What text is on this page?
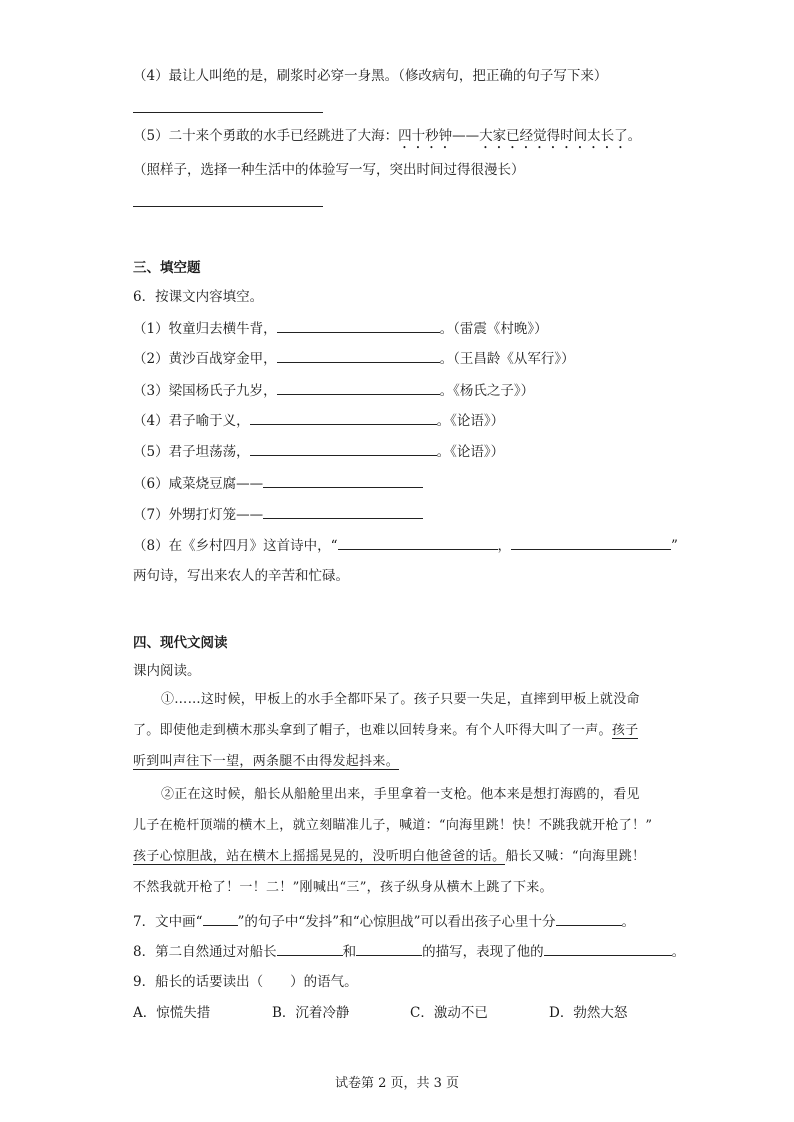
（4）最让人叫绝的是，刷浆时必穿一身黑。（修改病句，把正确的句子写下来）
（5）二十来个勇敢的水手已经跳进了大海：四十秒钟——大家已经觉得时间太长了。
（照样子，选择一种生活中的体验写一写，突出时间过得很漫长）
三、填空题
6．按课文内容填空。
（1）牧童归去横牛背，	。（雷震《村晚》）
（2）黄沙百战穿金甲，	。（王昌龄《从军行》）
（3）梁国杨氏子九岁，	。《杨氏之子》）
（4）君子喻于义，	。《论语》）
（5）君子坦荡荡，	。《论语》）
（6）咸菜烧豆腐——
（7）外甥打灯笼——
（8）在《乡村四月》这首诗中，“	，	”
两句诗，写出来农人的辛苦和忙碌。
四、现代文阅读
课内阅读。
①……这时候，甲板上的水手全都吓呆了。孩子只要一失足，直摔到甲板上就没命
了。即使他走到横木那头拿到了帽子，也难以回转身来。有个人吓得大叫了一声。孩子
听到叫声往下一望，两条腿不由得发起抖来。
②正在这时候，船长从船舱里出来，手里拿着一支枪。他本来是想打海鸥的，看见
儿子在桅杆顶端的横木上，就立刻瞄准儿子，喊道：“向海里跳！快！不跳我就开枪了！”
孩子心惊胆战，站在横木上摇摇晃晃的，没听明白他爸爸的话。船长又喊：“向海里跳！
不然我就开枪了！一！二！”刚喊出“三”，孩子纵身从横木上跳了下来。
7．文中画“	”的句子中“发抖”和“心惊胆战”可以看出孩子心里十分	。
8．第二自然通过对船长	和	的描写，表现了他的	。
9．船长的话要读出（　　）的语气。
A．惊慌失措	B．沉着冷静	C．激动不已	D．勃然大怒
试卷第 2 页，共 3 页
